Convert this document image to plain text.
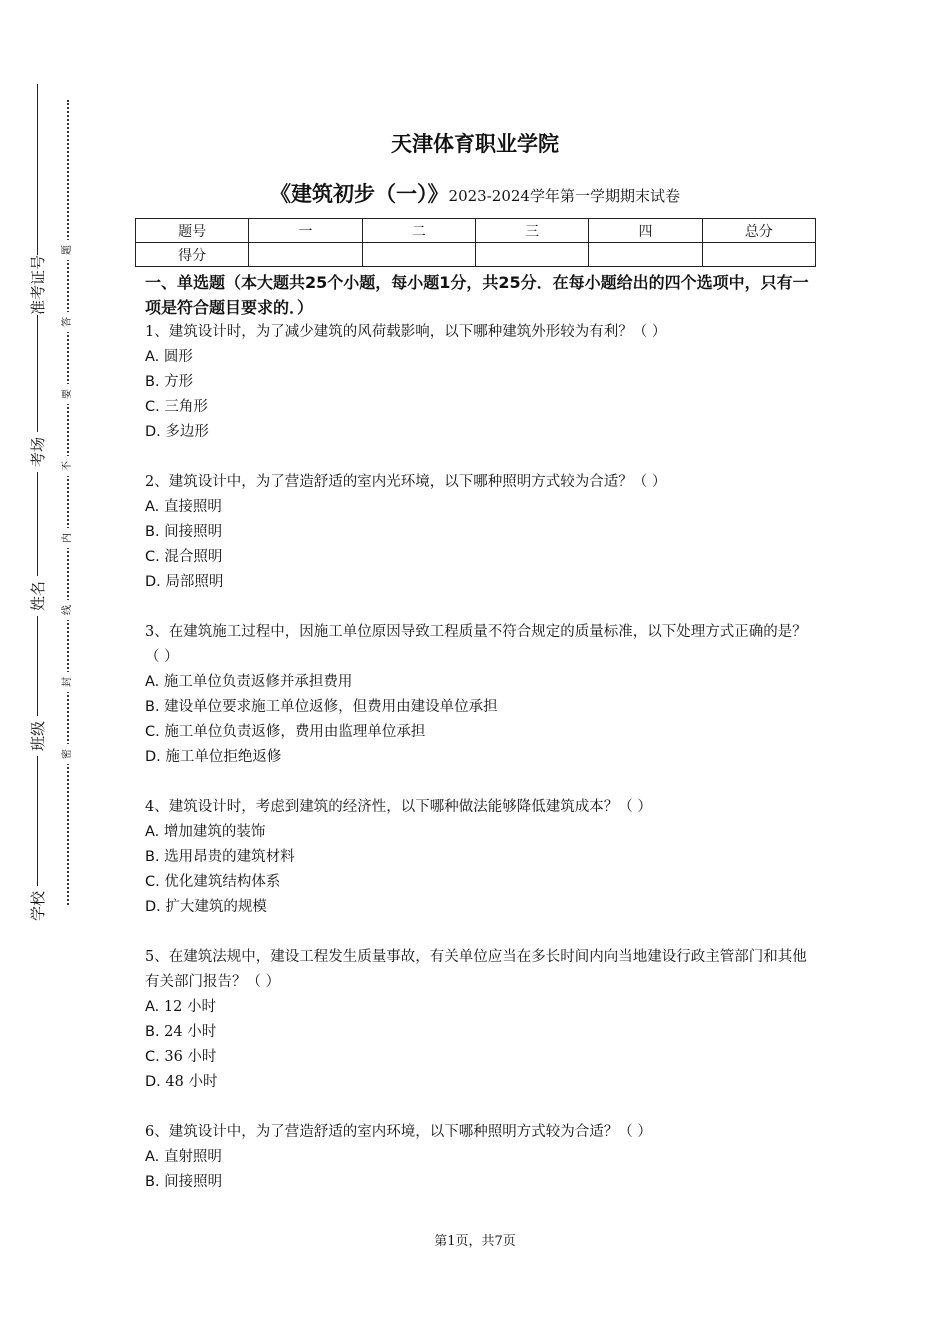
准考证号
考场
姓名
班级
学校
题
答
要
不
内
线
封
密
天津体育职业学院
《建筑初步（一）》2023-2024学年第一学期期末试卷
题号	一	二	三	四	总分
得分					

一、单选题（本大题共25个小题，每小题1分，共25分．在每小题给出的四个选项中，只有一项是符合题目要求的．）

1、建筑设计时，为了减少建筑的风荷载影响，以下哪种建筑外形较为有利？（ ）
A. 圆形
B. 方形
C. 三角形
D. 多边形
2、建筑设计中，为了营造舒适的室内光环境，以下哪种照明方式较为合适？（ ）
A. 直接照明
B. 间接照明
C. 混合照明
D. 局部照明
3、在建筑施工过程中，因施工单位原因导致工程质量不符合规定的质量标准，以下处理方式正确的是？（ ）
A. 施工单位负责返修并承担费用
B. 建设单位要求施工单位返修，但费用由建设单位承担
C. 施工单位负责返修，费用由监理单位承担
D. 施工单位拒绝返修
4、建筑设计时，考虑到建筑的经济性，以下哪种做法能够降低建筑成本？（ ）
A. 增加建筑的装饰
B. 选用昂贵的建筑材料
C. 优化建筑结构体系
D. 扩大建筑的规模
5、在建筑法规中，建设工程发生质量事故，有关单位应当在多长时间内向当地建设行政主管部门和其他有关部门报告？（ ）
A. 12 小时
B. 24 小时
C. 36 小时
D. 48 小时
6、建筑设计中，为了营造舒适的室内环境，以下哪种照明方式较为合适？（ ）
A. 直射照明
B. 间接照明
第1页，共7页
